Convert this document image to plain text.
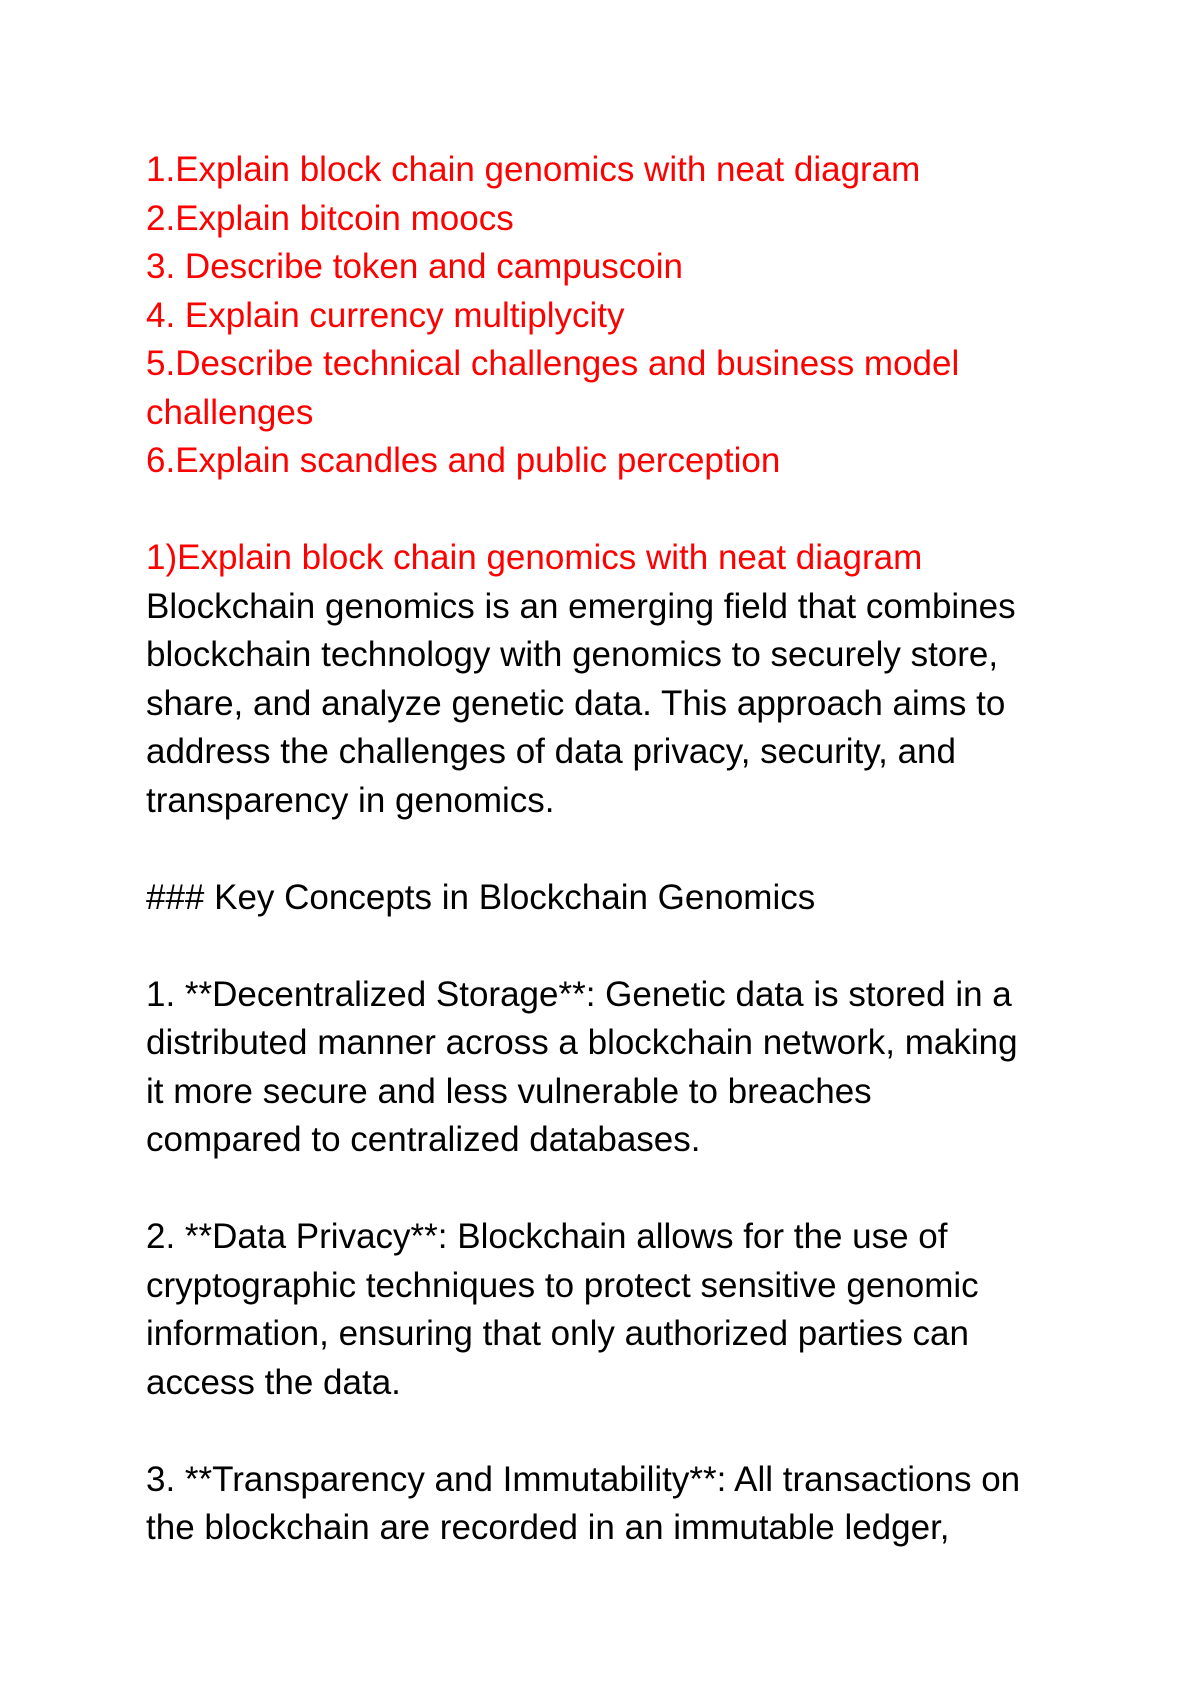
1.Explain block chain genomics with neat diagram
2.Explain bitcoin moocs
3. Describe token and campuscoin
4. Explain currency multiplycity
5.Describe technical challenges and business model
challenges
6.Explain scandles and public perception
1)Explain block chain genomics with neat diagram
Blockchain genomics is an emerging field that combines
blockchain technology with genomics to securely store,
share, and analyze genetic data. This approach aims to
address the challenges of data privacy, security, and
transparency in genomics.
### Key Concepts in Blockchain Genomics
1. **Decentralized Storage**: Genetic data is stored in a
distributed manner across a blockchain network, making
it more secure and less vulnerable to breaches
compared to centralized databases.
2. **Data Privacy**: Blockchain allows for the use of
cryptographic techniques to protect sensitive genomic
information, ensuring that only authorized parties can
access the data.
3. **Transparency and Immutability**: All transactions on
the blockchain are recorded in an immutable ledger,
